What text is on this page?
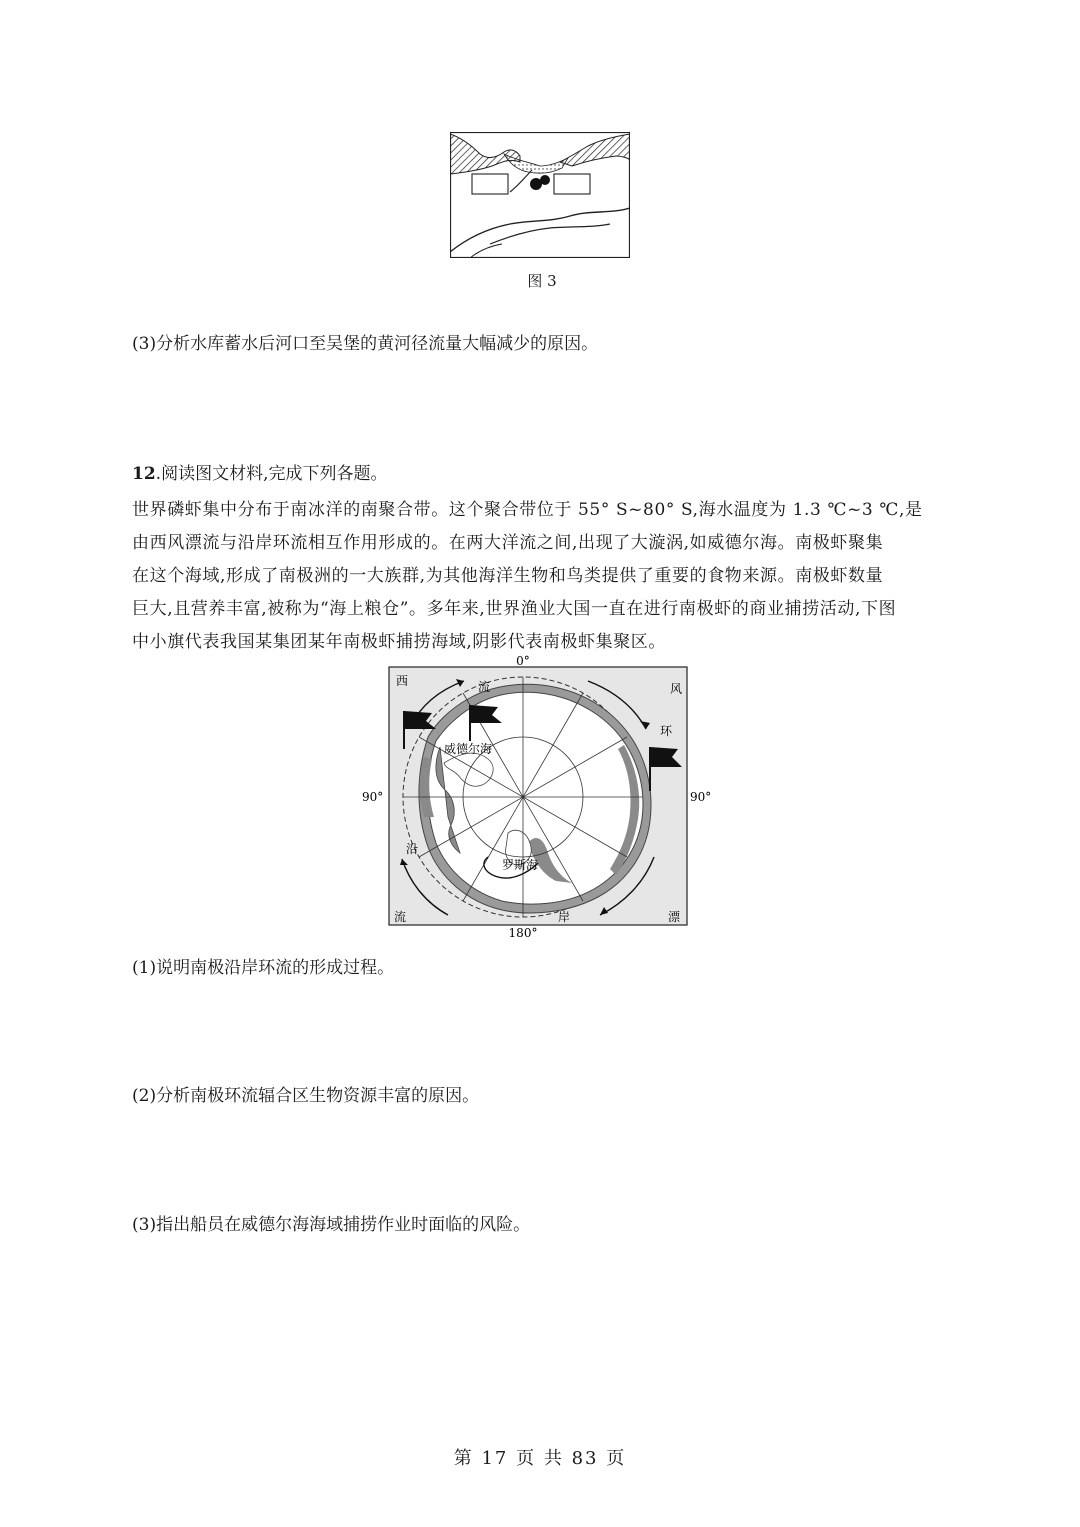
图 3
(3)分析水库蓄水后河口至吴堡的黄河径流量大幅减少的原因。
12.阅读图文材料,完成下列各题。
世界磷虾集中分布于南冰洋的南聚合带。这个聚合带位于 55° S~80° S,海水温度为 1.3 ℃~3 ℃,是
由西风漂流与沿岸环流相互作用形成的。在两大洋流之间,出现了大漩涡,如威德尔海。南极虾聚集
在这个海域,形成了南极洲的一大族群,为其他海洋生物和鸟类提供了重要的食物来源。南极虾数量
巨大,且营养丰富,被称为“海上粮仓”。多年来,世界渔业大国一直在进行南极虾的商业捕捞活动,下图
中小旗代表我国某集团某年南极虾捕捞海域,阴影代表南极虾集聚区。
0°
180°
90°	90°
西	流	风
环
沿
流	岸	漂
威德尔海
罗斯海
(1)说明南极沿岸环流的形成过程。
(2)分析南极环流辐合区生物资源丰富的原因。
(3)指出船员在威德尔海海域捕捞作业时面临的风险。
第 17 页 共 83 页
